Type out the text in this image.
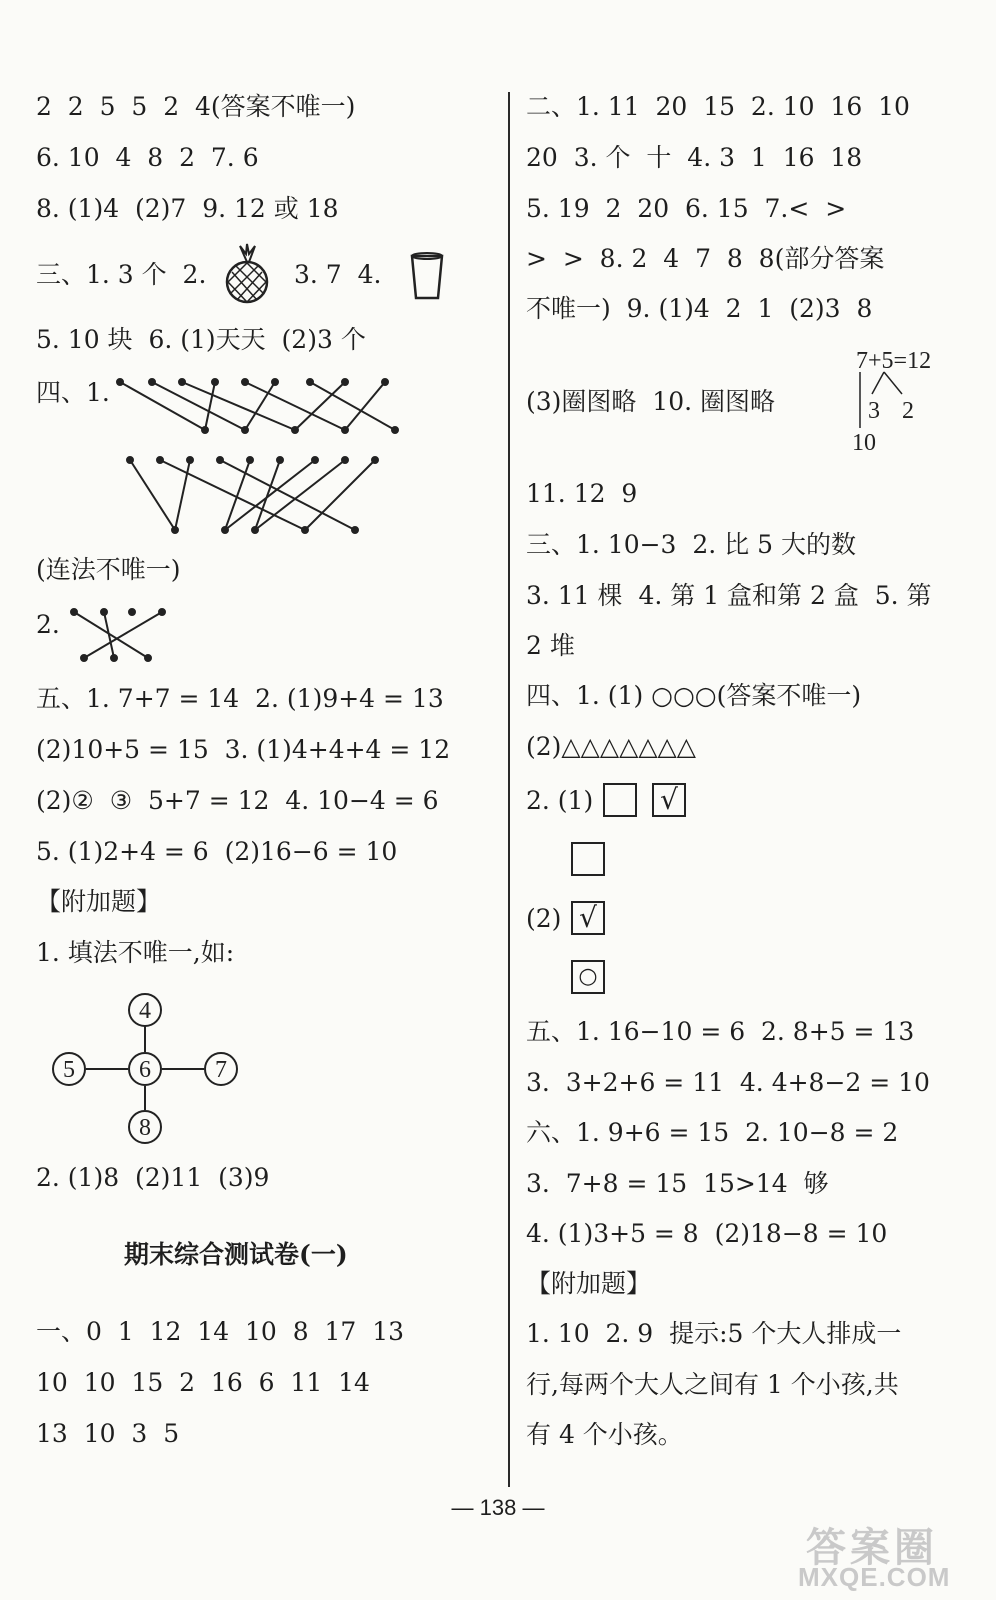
2  2  5  5  2  4(答案不唯一)
6. 10  4  8  2  7. 6
8. (1)4  (2)7  9. 12 或 18
三、1. 3 个  2.	3. 7  4.
5. 10 块  6. (1)天天  (2)3 个
四、1.
(连法不唯一)
2.
五、1. 7+7 = 14  2. (1)9+4 = 13
(2)10+5 = 15  3. (1)4+4+4 = 12
(2)②  ③  5+7 = 12  4. 10−4 = 6
5. (1)2+4 = 6  (2)16−6 = 10
【附加题】
1. 填法不唯一,如:
4
5	6	7
8
2. (1)8  (2)11  (3)9
期末综合测试卷(一)
一、0  1  12  14  10  8  17  13
10  10  15  2  16  6  11  14
13  10  3  5
二、1. 11  20  15  2. 10  16  10
20  3. 个  十  4. 3  1  16  18
5. 19  2  20  6. 15  7.<  >
>  >  8. 2  4  7  8  8(部分答案
不唯一)  9. (1)4  2  1  (2)3  8
(3)圈图略  10. 圈图略
7+5=12
3 2
10
11. 12  9
三、1. 10−3  2. 比 5 大的数
3. 11 棵  4. 第 1 盒和第 2 盒  5. 第
2 堆
四、1. (1) ○○○(答案不唯一)
(2)△△△△△△△
2. (1) √
(2) √
○
五、1. 16−10 = 6  2. 8+5 = 13
3.  3+2+6 = 11  4. 4+8−2 = 10
六、1. 9+6 = 15  2. 10−8 = 2
3.  7+8 = 15  15>14  够
4. (1)3+5 = 8  (2)18−8 = 10
【附加题】
1. 10  2. 9  提示:5 个大人排成一
行,每两个大人之间有 1 个小孩,共
有 4 个小孩。
— 138 —
答案圈
MXQE.COM
